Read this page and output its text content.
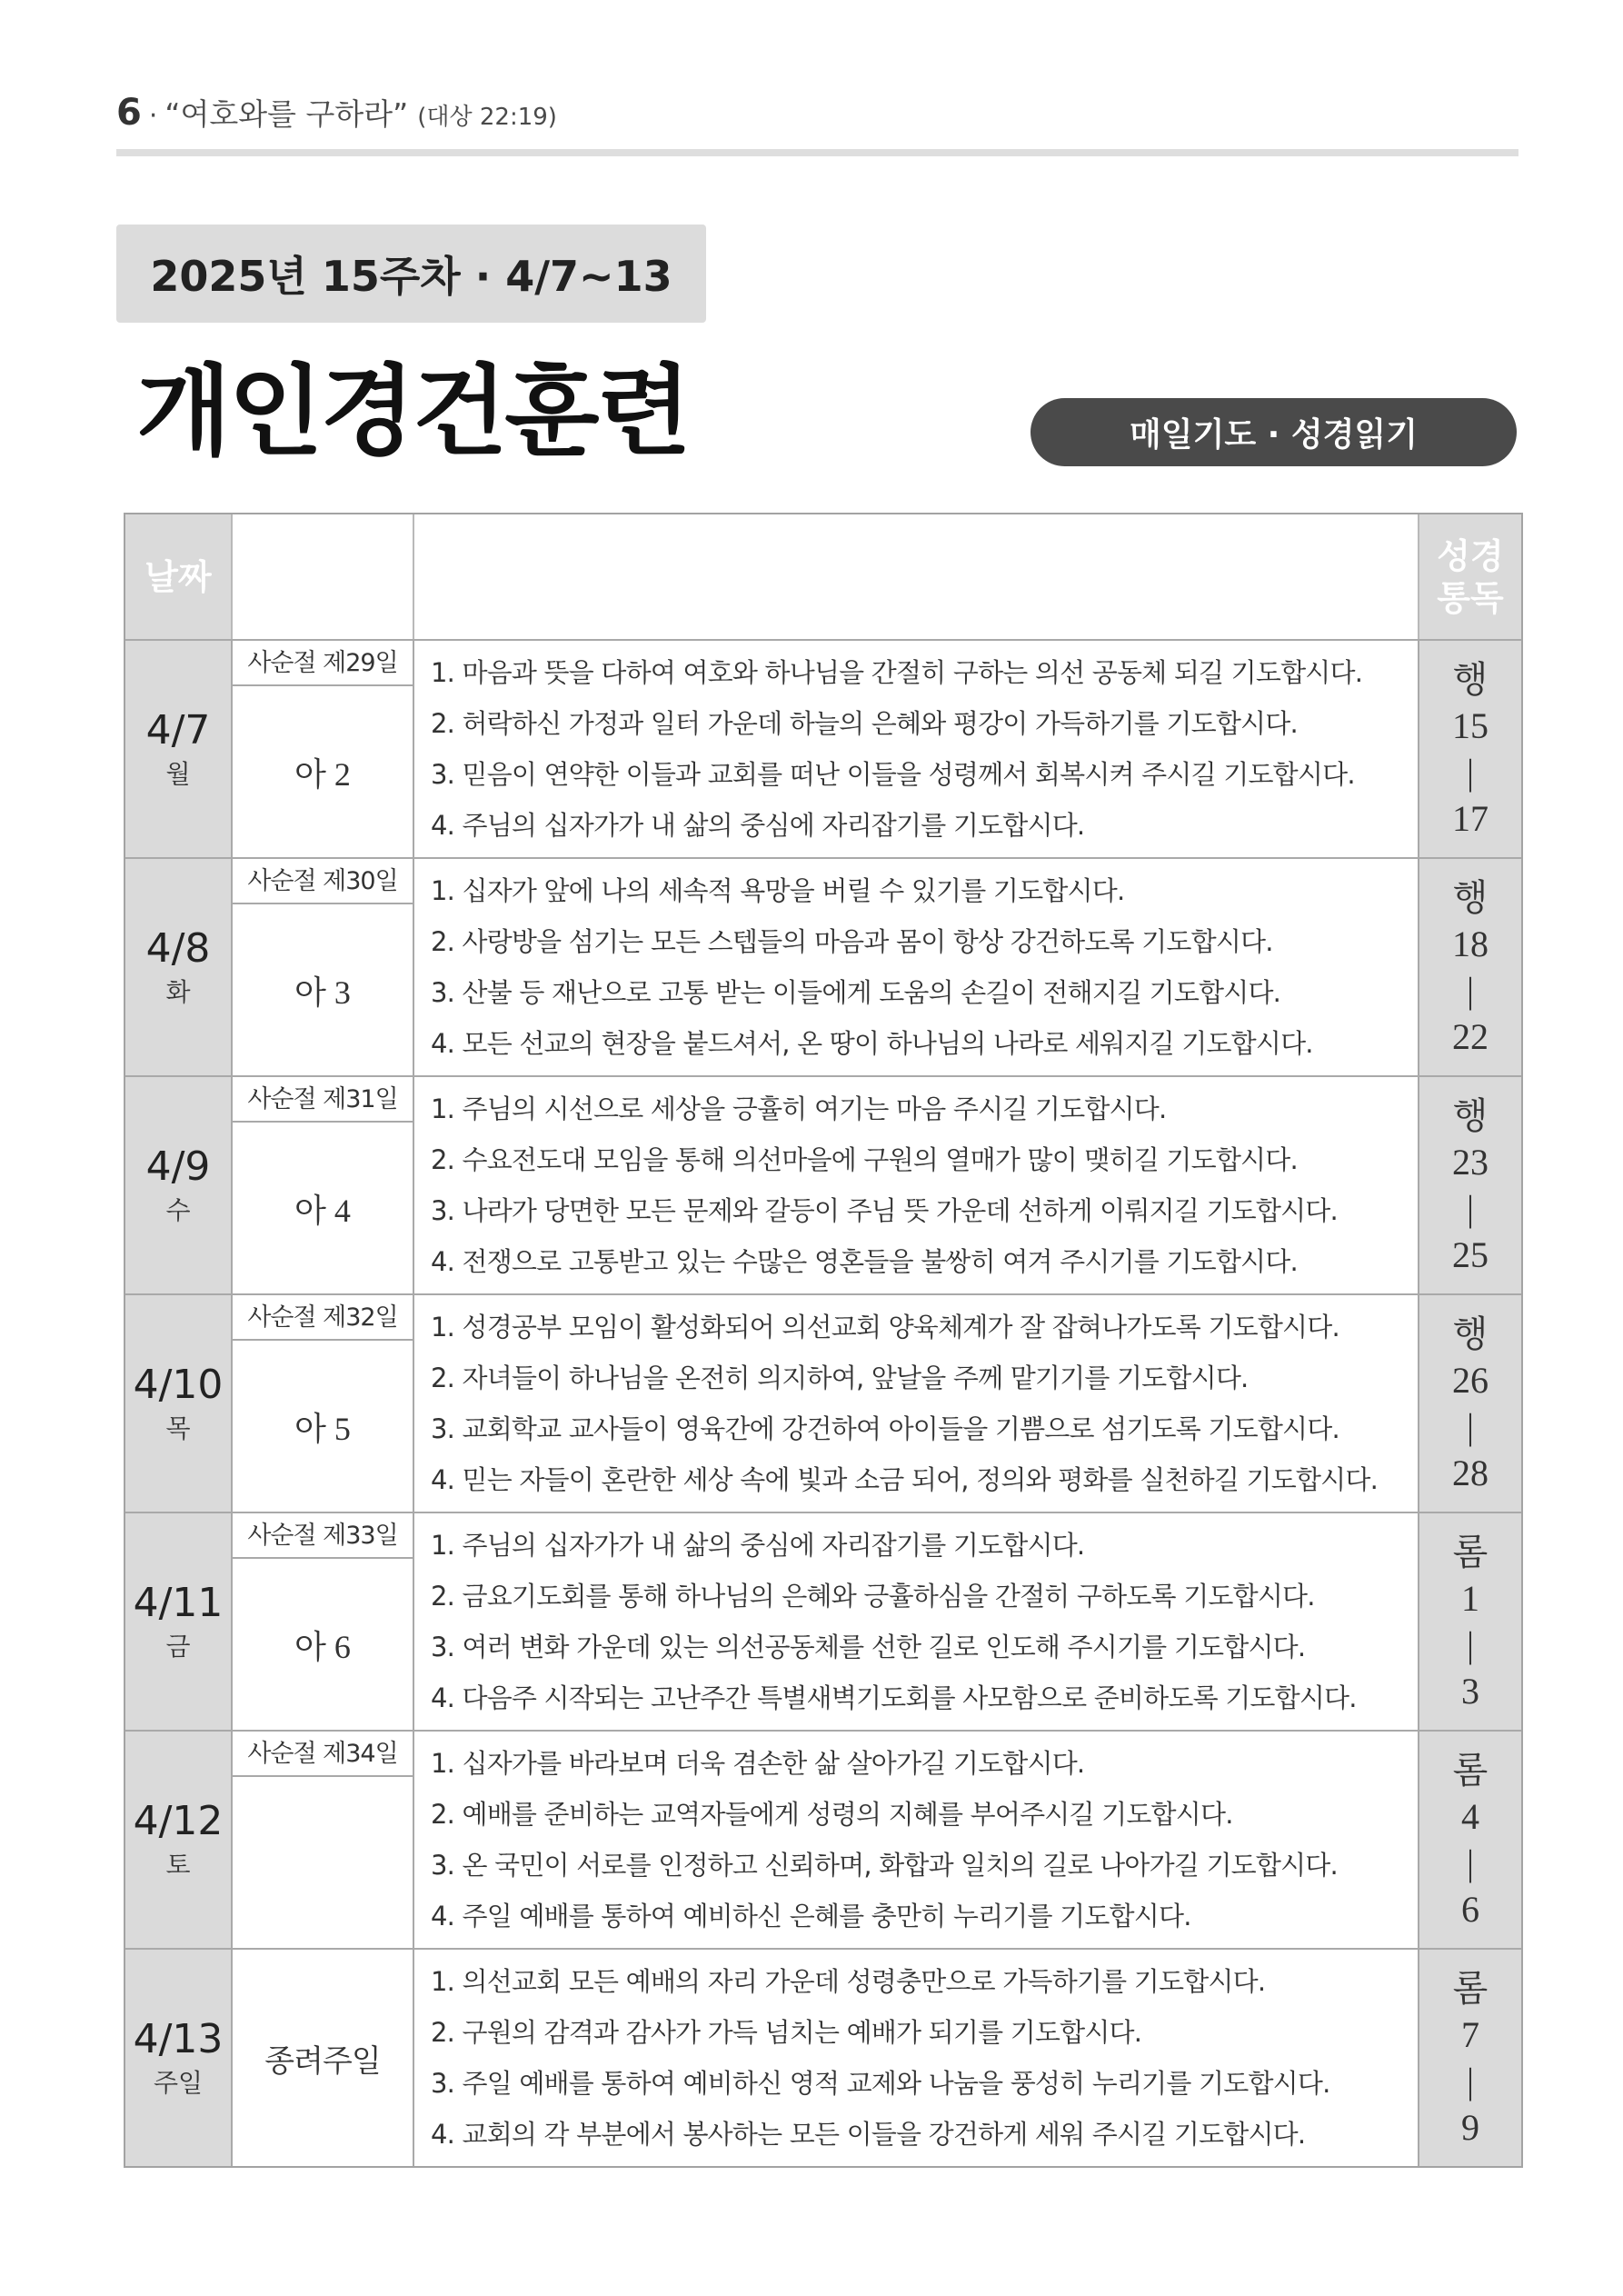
6 · “여호와를 구하라” (대상 22:19)
2025년 15주차 · 4/7~13
개인경건훈련	매일기도 · 성경읽기
날짜
새벽
기도회
기도제목
성경
통독
4/7
월
사순절 제29일
아 2
1. 마음과 뜻을 다하여 여호와 하나님을 간절히 구하는 의선 공동체 되길 기도합시다.
2. 허락하신 가정과 일터 가운데 하늘의 은혜와 평강이 가득하기를 기도합시다.
3. 믿음이 연약한 이들과 교회를 떠난 이들을 성령께서 회복시켜 주시길 기도합시다.
4. 주님의 십자가가 내 삶의 중심에 자리잡기를 기도합시다.
행
15
|
17
4/8
화
사순절 제30일
아 3
1. 십자가 앞에 나의 세속적 욕망을 버릴 수 있기를 기도합시다.
2. 사랑방을 섬기는 모든 스텝들의 마음과 몸이 항상 강건하도록 기도합시다.
3. 산불 등 재난으로 고통 받는 이들에게 도움의 손길이 전해지길 기도합시다.
4. 모든 선교의 현장을 붙드셔서, 온 땅이 하나님의 나라로 세워지길 기도합시다.
행
18
|
22
4/9
수
사순절 제31일
아 4
1. 주님의 시선으로 세상을 긍휼히 여기는 마음 주시길 기도합시다.
2. 수요전도대 모임을 통해 의선마을에 구원의 열매가 많이 맺히길 기도합시다.
3. 나라가 당면한 모든 문제와 갈등이 주님 뜻 가운데 선하게 이뤄지길 기도합시다.
4. 전쟁으로 고통받고 있는 수많은 영혼들을 불쌍히 여겨 주시기를 기도합시다.
행
23
|
25
4/10
목
사순절 제32일
아 5
1. 성경공부 모임이 활성화되어 의선교회 양육체계가 잘 잡혀나가도록 기도합시다.
2. 자녀들이 하나님을 온전히 의지하여, 앞날을 주께 맡기기를 기도합시다.
3. 교회학교 교사들이 영육간에 강건하여 아이들을 기쁨으로 섬기도록 기도합시다.
4. 믿는 자들이 혼란한 세상 속에 빛과 소금 되어, 정의와 평화를 실천하길 기도합시다.
행
26
|
28
4/11
금
사순절 제33일
아 6
1. 주님의 십자가가 내 삶의 중심에 자리잡기를 기도합시다.
2. 금요기도회를 통해 하나님의 은혜와 긍휼하심을 간절히 구하도록 기도합시다.
3. 여러 변화 가운데 있는 의선공동체를 선한 길로 인도해 주시기를 기도합시다.
4. 다음주 시작되는 고난주간 특별새벽기도회를 사모함으로 준비하도록 기도합시다.
롬
1
|
3
4/12
토
사순절 제34일	1. 십자가를 바라보며 더욱 겸손한 삶 살아가길 기도합시다.
2. 예배를 준비하는 교역자들에게 성령의 지혜를 부어주시길 기도합시다.
3. 온 국민이 서로를 인정하고 신뢰하며, 화합과 일치의 길로 나아가길 기도합시다.
4. 주일 예배를 통하여 예비하신 은혜를 충만히 누리기를 기도합시다.
롬
4
|
6
4/13
주일
종려주일
1. 의선교회 모든 예배의 자리 가운데 성령충만으로 가득하기를 기도합시다.
2. 구원의 감격과 감사가 가득 넘치는 예배가 되기를 기도합시다.
3. 주일 예배를 통하여 예비하신 영적 교제와 나눔을 풍성히 누리기를 기도합시다.
4. 교회의 각 부분에서 봉사하는 모든 이들을 강건하게 세워 주시길 기도합시다.
롬
7
|
9
